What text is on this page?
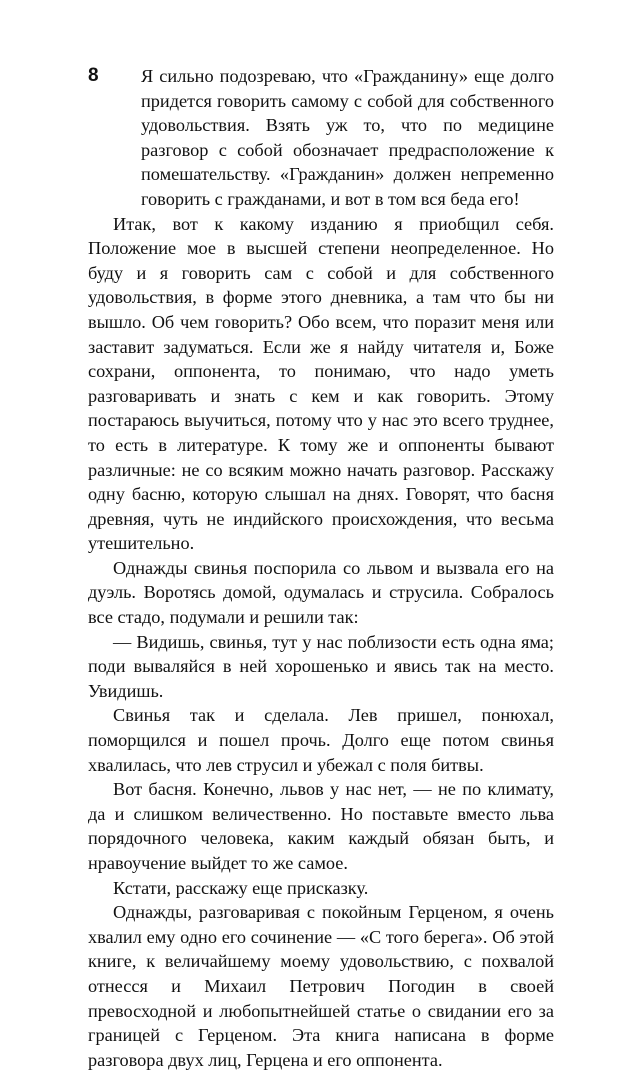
8	Я сильно подозреваю, что «Гражданину» еще долго придется говорить самому с собой для собственного удовольствия. Взять уж то, что по медицине разговор с собой обозначает предрасположение к помешательству. «Гражданин» должен непременно говорить с гражданами, и вот в том вся беда его!

Итак, вот к какому изданию я приобщил себя. Положение мое в высшей степени неопределенное. Но буду и я говорить сам с собой и для собственного удовольствия, в форме этого дневника, а там что бы ни вышло. Об чем говорить? Обо всем, что поразит меня или заставит задуматься. Если же я найду читателя и, Боже сохрани, оппонента, то понимаю, что надо уметь разговаривать и знать с кем и как говорить. Этому постараюсь выучиться, потому что у нас это всего труднее, то есть в литературе. К тому же и оппоненты бывают различные: не со всяким можно начать разговор. Расскажу одну басню, которую слышал на днях. Говорят, что басня древняя, чуть не индийского происхождения, что весьма утешительно.

Однажды свинья поспорила со львом и вызвала его на дуэль. Воротясь домой, одумалась и струсила. Собралось все стадо, подумали и решили так:

— Видишь, свинья, тут у нас поблизости есть одна яма; поди вываляйся в ней хорошенько и явись так на место. Увидишь.

Свинья так и сделала. Лев пришел, понюхал, поморщился и пошел прочь. Долго еще потом свинья хвалилась, что лев струсил и убежал с поля битвы.

Вот басня. Конечно, львов у нас нет, — не по климату, да и слишком величественно. Но поставьте вместо льва порядочного человека, каким каждый обязан быть, и нравоучение выйдет то же самое.

Кстати, расскажу еще присказку.

Однажды, разговаривая с покойным Герценом, я очень хвалил ему одно его сочинение — «С того берега». Об этой книге, к величайшему моему удовольствию, с похвалой отнесся и Михаил Петрович Погодин в своей превосходной и любопытнейшей статье о свидании его за границей с Герценом. Эта книга написана в форме разговора двух лиц, Герцена и его оппонента.
